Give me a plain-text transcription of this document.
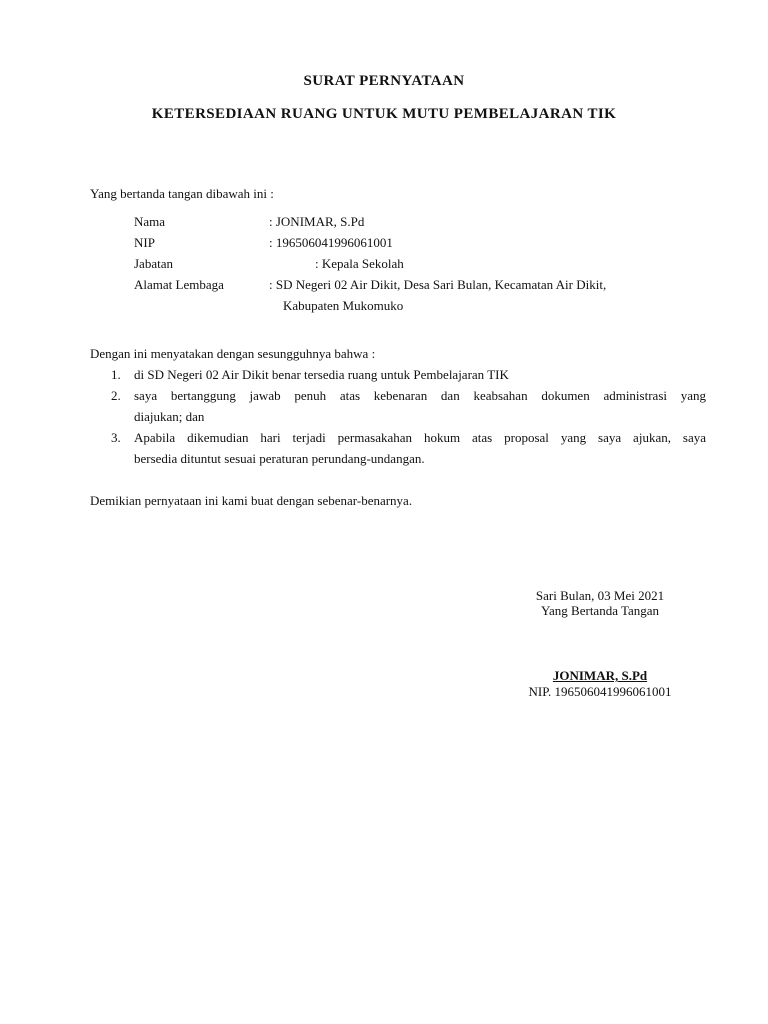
SURAT PERNYATAAN
KETERSEDIAAN RUANG UNTUK MUTU PEMBELAJARAN TIK
Yang bertanda tangan dibawah ini :
Nama	: JONIMAR, S.Pd
NIP	: 196506041996061001
Jabatan	: Kepala Sekolah
Alamat Lembaga	: SD Negeri 02 Air Dikit, Desa Sari Bulan, Kecamatan Air Dikit,
Kabupaten Mukomuko
Dengan ini menyatakan dengan sesungguhnya bahwa :
1. di SD Negeri 02 Air Dikit benar tersedia ruang untuk Pembelajaran TIK
2. saya bertanggung jawab penuh atas kebenaran dan keabsahan dokumen administrasi yang
diajukan; dan
3. Apabila dikemudian hari terjadi permasakahan hokum atas proposal yang saya ajukan, saya
bersedia dituntut sesuai peraturan perundang-undangan.
Demikian pernyataan ini kami buat dengan sebenar-benarnya.
Sari Bulan, 03 Mei 2021
Yang Bertanda Tangan
JONIMAR, S.Pd
NIP. 196506041996061001
